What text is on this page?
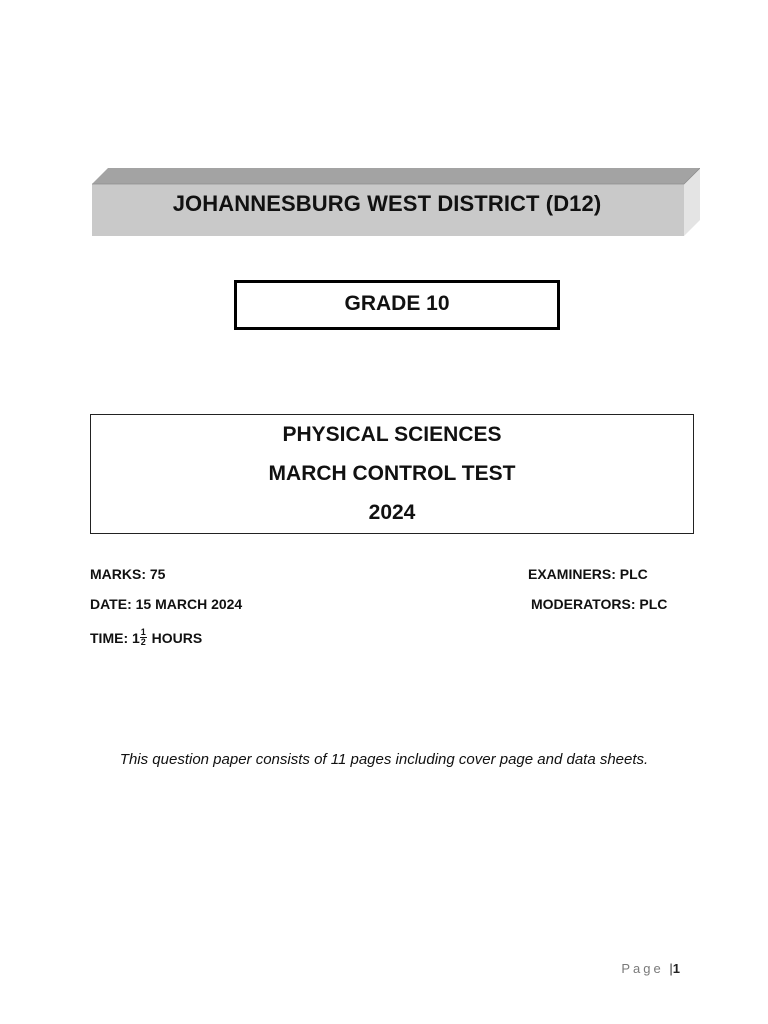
JOHANNESBURG WEST DISTRICT (D12)
GRADE 10
PHYSICAL SCIENCES
MARCH CONTROL TEST
2024
MARKS: 75
DATE: 15 MARCH 2024
TIME: $1 \frac{1}{2}$ HOURS
EXAMINERS: PLC
MODERATORS: PLC
This question paper consists of 11 pages including cover page and data sheets.
Page |1
